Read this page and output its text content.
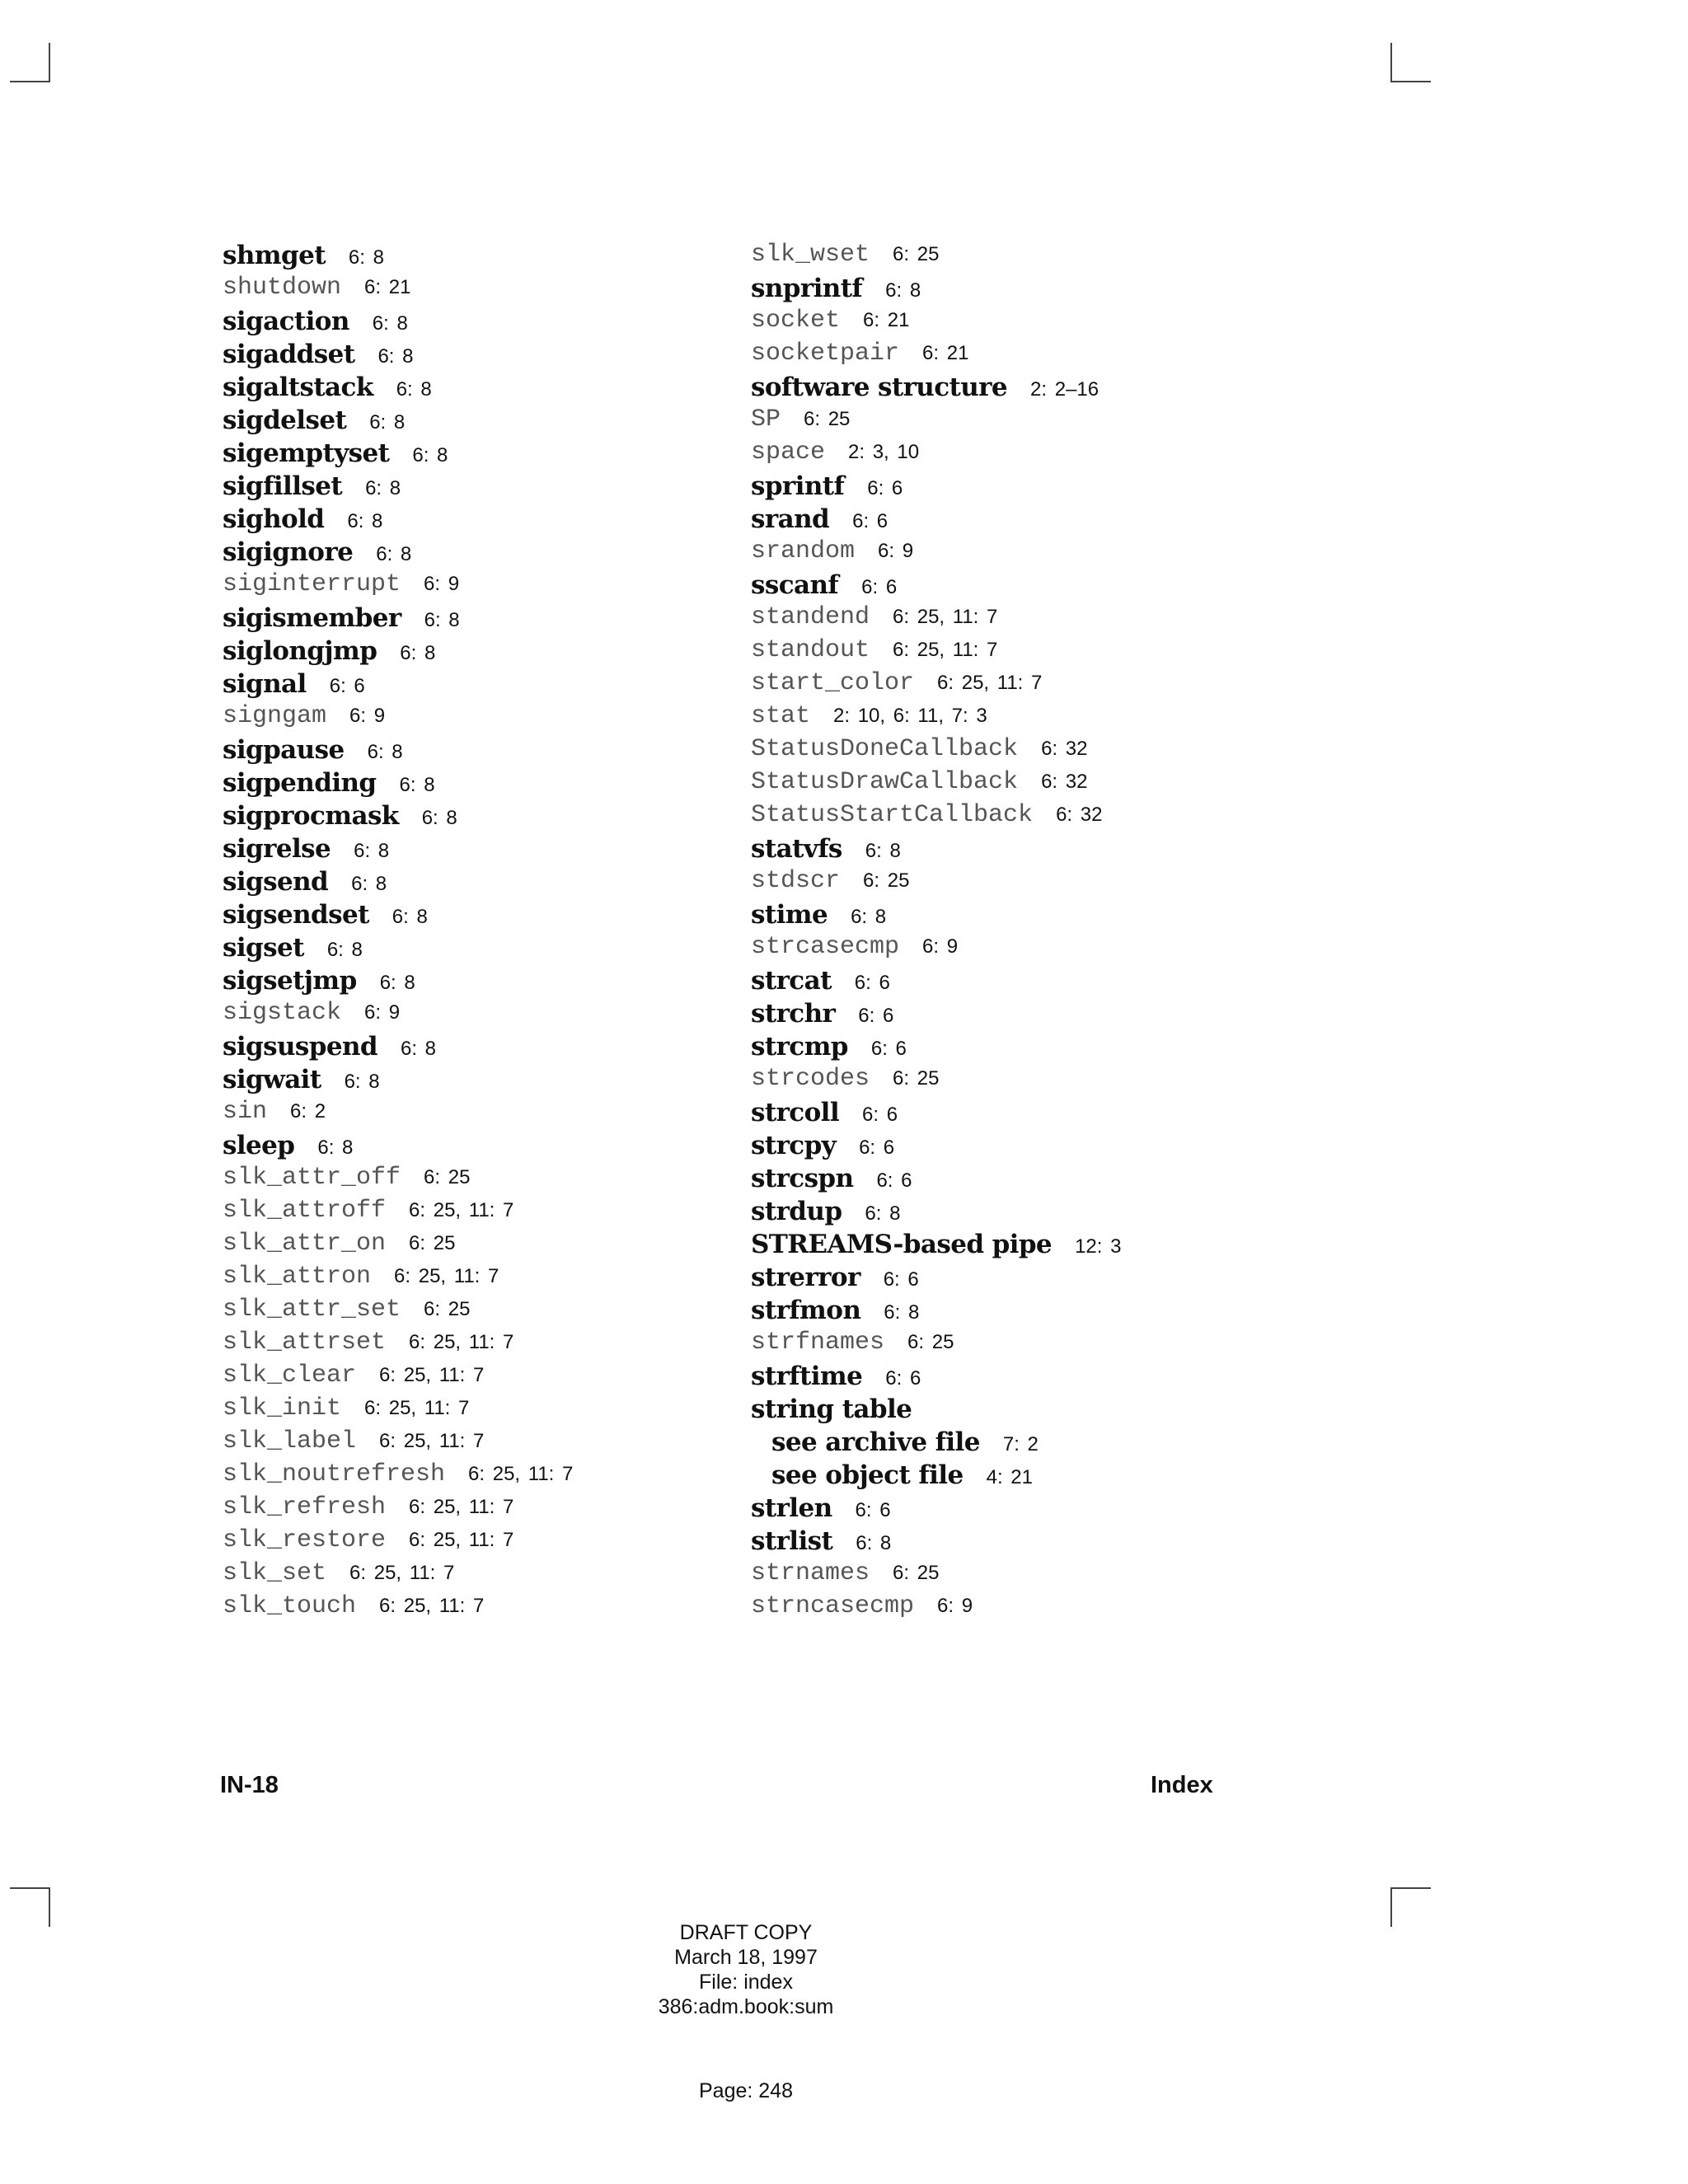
shmget 6: 8
shutdown 6: 21
sigaction 6: 8
sigaddset 6: 8
sigaltstack 6: 8
sigdelset 6: 8
sigemptyset 6: 8
sigfillset 6: 8
sighold 6: 8
sigignore 6: 8
siginterrupt 6: 9
sigismember 6: 8
siglongjmp 6: 8
signal 6: 6
signgam 6: 9
sigpause 6: 8
sigpending 6: 8
sigprocmask 6: 8
sigrelse 6: 8
sigsend 6: 8
sigsendset 6: 8
sigset 6: 8
sigsetjmp 6: 8
sigstack 6: 9
sigsuspend 6: 8
sigwait 6: 8
sin 6: 2
sleep 6: 8
slk_attr_off 6: 25
slk_attroff 6: 25, 11: 7
slk_attr_on 6: 25
slk_attron 6: 25, 11: 7
slk_attr_set 6: 25
slk_attrset 6: 25, 11: 7
slk_clear 6: 25, 11: 7
slk_init 6: 25, 11: 7
slk_label 6: 25, 11: 7
slk_noutrefresh 6: 25, 11: 7
slk_refresh 6: 25, 11: 7
slk_restore 6: 25, 11: 7
slk_set 6: 25, 11: 7
slk_touch 6: 25, 11: 7
slk_wset 6: 25
snprintf 6: 8
socket 6: 21
socketpair 6: 21
software structure 2: 2–16
SP 6: 25
space 2: 3, 10
sprintf 6: 6
srand 6: 6
srandom 6: 9
sscanf 6: 6
standend 6: 25, 11: 7
standout 6: 25, 11: 7
start_color 6: 25, 11: 7
stat 2: 10, 6: 11, 7: 3
StatusDoneCallback 6: 32
StatusDrawCallback 6: 32
StatusStartCallback 6: 32
statvfs 6: 8
stdscr 6: 25
stime 6: 8
strcasecmp 6: 9
strcat 6: 6
strchr 6: 6
strcmp 6: 6
strcodes 6: 25
strcoll 6: 6
strcpy 6: 6
strcspn 6: 6
strdup 6: 8
STREAMS-based pipe 12: 3
strerror 6: 6
strfmon 6: 8
strfnames 6: 25
strftime 6: 6
string table
see archive file 7: 2
see object file 4: 21
strlen 6: 6
strlist 6: 8
strnames 6: 25
strncasecmp 6: 9
IN-18	Index
DRAFT COPY
March 18, 1997
File: index
386:adm.book:sum
Page: 248
